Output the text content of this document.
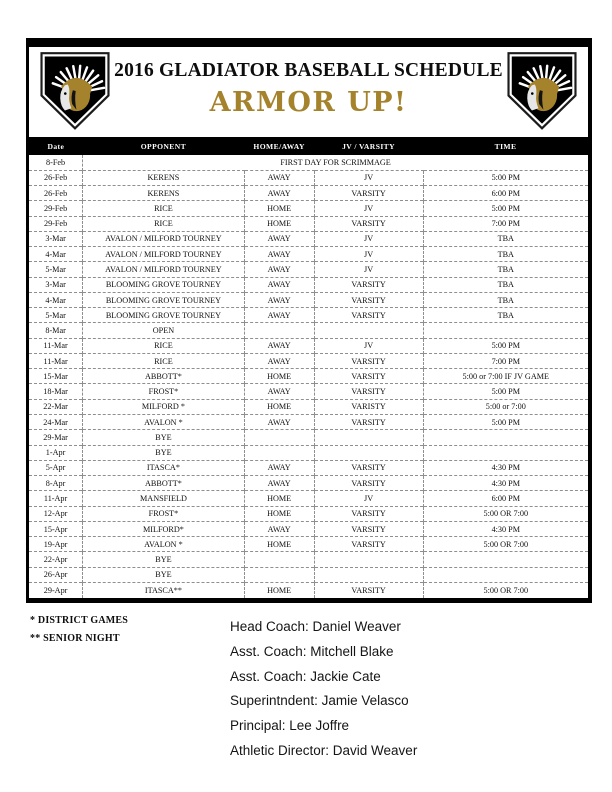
2016 GLADIATOR BASEBALL SCHEDULE
ARMOR UP!
Date	OPPONENT	HOME/AWAY	JV / VARSITY	TIME
8-Feb	FIRST DAY FOR SCRIMMAGE			
26-Feb	KERENS	AWAY	JV	5:00 PM
26-Feb	KERENS	AWAY	VARSITY	6:00 PM
29-Feb	RICE	HOME	JV	5:00 PM
29-Feb	RICE	HOME	VARSITY	7:00 PM
3-Mar	AVALON / MILFORD TOURNEY	AWAY	JV	TBA
4-Mar	AVALON / MILFORD TOURNEY	AWAY	JV	TBA
5-Mar	AVALON / MILFORD TOURNEY	AWAY	JV	TBA
3-Mar	BLOOMING GROVE TOURNEY	AWAY	VARSITY	TBA
4-Mar	BLOOMING GROVE TOURNEY	AWAY	VARSITY	TBA
5-Mar	BLOOMING GROVE TOURNEY	AWAY	VARSITY	TBA
8-Mar	OPEN			
11-Mar	RICE	AWAY	JV	5:00 PM
11-Mar	RICE	AWAY	VARSITY	7:00 PM
15-Mar	ABBOTT*	HOME	VARSITY	5:00 or 7:00 IF JV GAME
18-Mar	FROST*	AWAY	VARSITY	5:00 PM
22-Mar	MILFORD *	HOME	VARISTY	5:00 or 7:00
24-Mar	AVALON *	AWAY	VARSITY	5:00 PM
29-Mar	BYE			
1-Apr	BYE			
5-Apr	ITASCA*	AWAY	VARSITY	4:30 PM
8-Apr	ABBOTT*	AWAY	VARSITY	4:30 PM
11-Apr	MANSFIELD	HOME	JV	6:00 PM
12-Apr	FROST*	HOME	VARSITY	5:00 OR 7:00
15-Apr	MILFORD*	AWAY	VARSITY	4:30 PM
19-Apr	AVALON *	HOME	VARSITY	5:00 OR 7:00
22-Apr	BYE			
26-Apr	BYE			
29-Apr	ITASCA**	HOME	VARSITY	5:00 OR 7:00
* DISTRICT GAMES
** SENIOR NIGHT
Head Coach: Daniel Weaver
Asst. Coach: Mitchell Blake
Asst. Coach: Jackie Cate
Superintndent: Jamie Velasco
Principal: Lee Joffre
Athletic Director: David Weaver
